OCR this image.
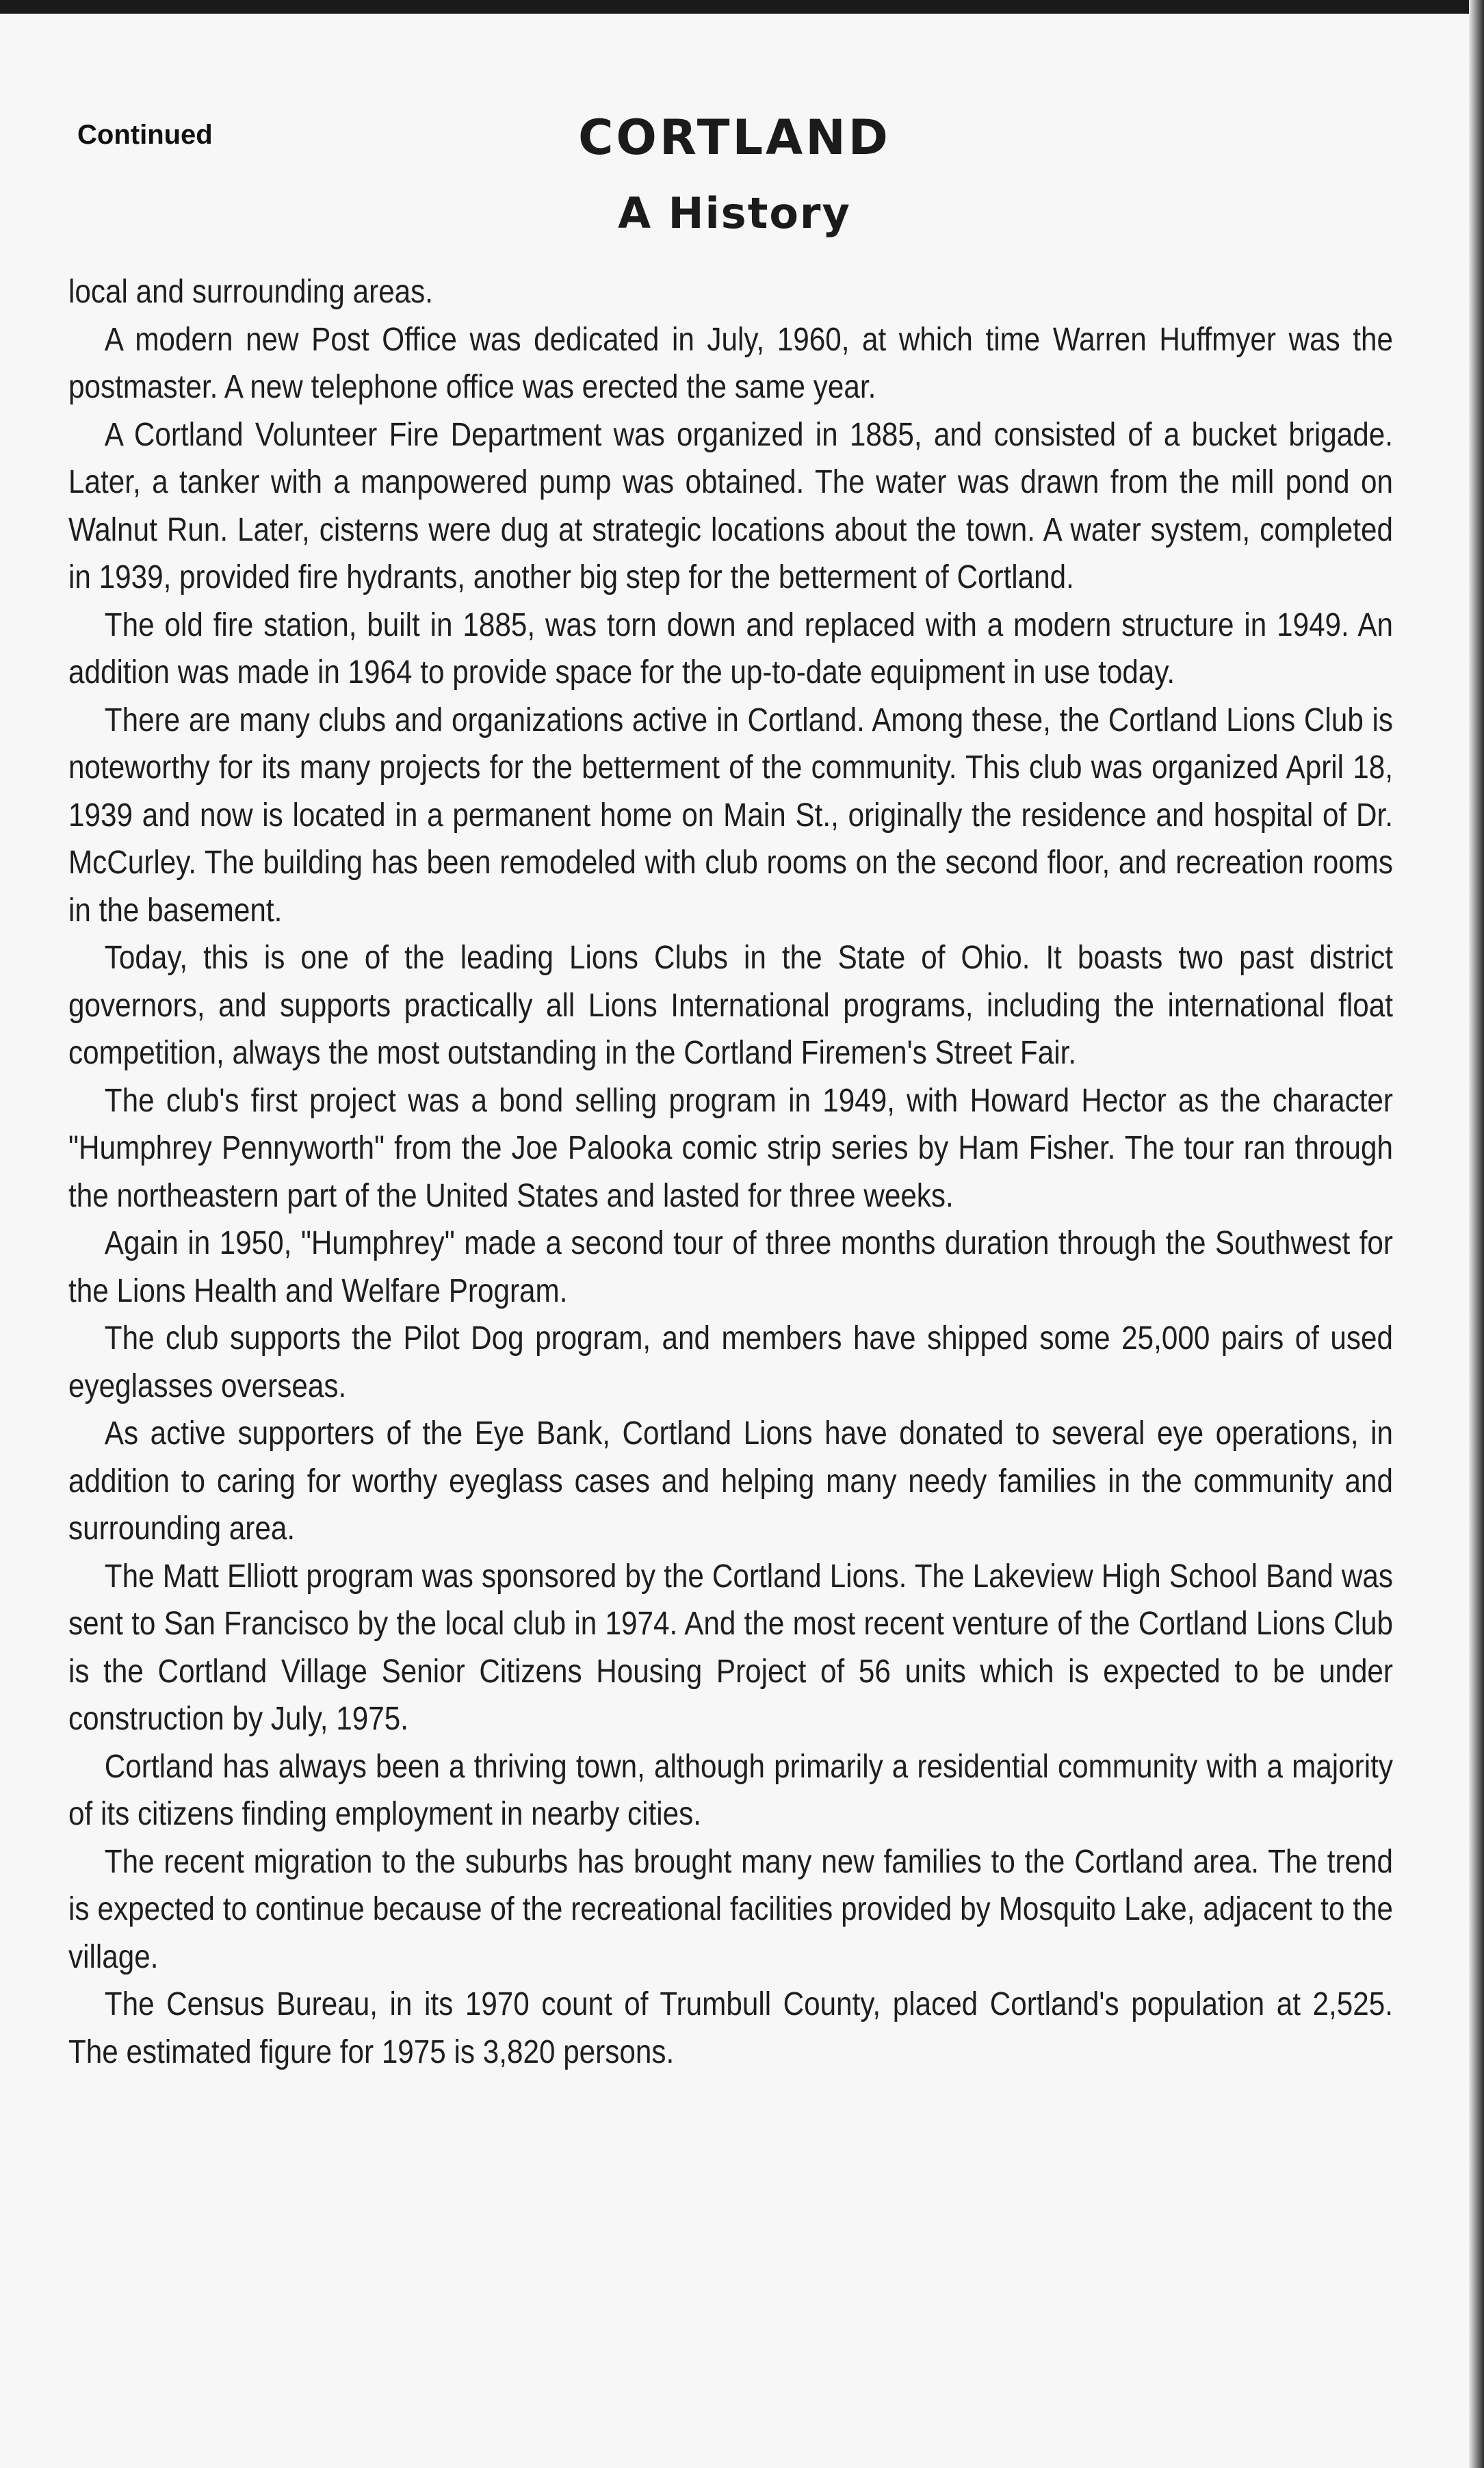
Continued	CORTLAND
A History

local and surrounding areas.

A modern new Post Office was dedicated in July, 1960, at which time Warren Huffmyer was the postmaster. A new telephone office was erected the same year.

A Cortland Volunteer Fire Department was organized in 1885, and consisted of a bucket brigade. Later, a tanker with a manpowered pump was obtained. The water was drawn from the mill pond on Walnut Run. Later, cisterns were dug at strategic locations about the town. A water system, completed in 1939, provided fire hydrants, another big step for the betterment of Cortland.

The old fire station, built in 1885, was torn down and replaced with a modern structure in 1949. An addition was made in 1964 to provide space for the up-to-date equipment in use today.

There are many clubs and organizations active in Cortland. Among these, the Cortland Lions Club is noteworthy for its many projects for the betterment of the community. This club was organized April 18, 1939 and now is located in a permanent home on Main St., originally the residence and hospital of Dr. McCurley. The building has been remodeled with club rooms on the second floor, and recreation rooms in the basement.

Today, this is one of the leading Lions Clubs in the State of Ohio. It boasts two past district governors, and supports practically all Lions International programs, including the international float competition, always the most outstanding in the Cortland Firemen's Street Fair.

The club's first project was a bond selling program in 1949, with Howard Hector as the character "Humphrey Pennyworth" from the Joe Palooka comic strip series by Ham Fisher. The tour ran through the northeastern part of the United States and lasted for three weeks.

Again in 1950, "Humphrey" made a second tour of three months duration through the Southwest for the Lions Health and Welfare Program.

The club supports the Pilot Dog program, and members have shipped some 25,000 pairs of used eyeglasses overseas.

As active supporters of the Eye Bank, Cortland Lions have donated to several eye operations, in addition to caring for worthy eyeglass cases and helping many needy families in the community and surrounding area.

The Matt Elliott program was sponsored by the Cortland Lions. The Lakeview High School Band was sent to San Francisco by the local club in 1974. And the most recent venture of the Cortland Lions Club is the Cortland Village Senior Citizens Housing Project of 56 units which is expected to be under construction by July, 1975.

Cortland has always been a thriving town, although primarily a residential community with a majority of its citizens finding employment in nearby cities.

The recent migration to the suburbs has brought many new families to the Cortland area. The trend is expected to continue because of the recreational facilities provided by Mosquito Lake, adjacent to the village.

The Census Bureau, in its 1970 count of Trumbull County, placed Cortland's population at 2,525. The estimated figure for 1975 is 3,820 persons.
